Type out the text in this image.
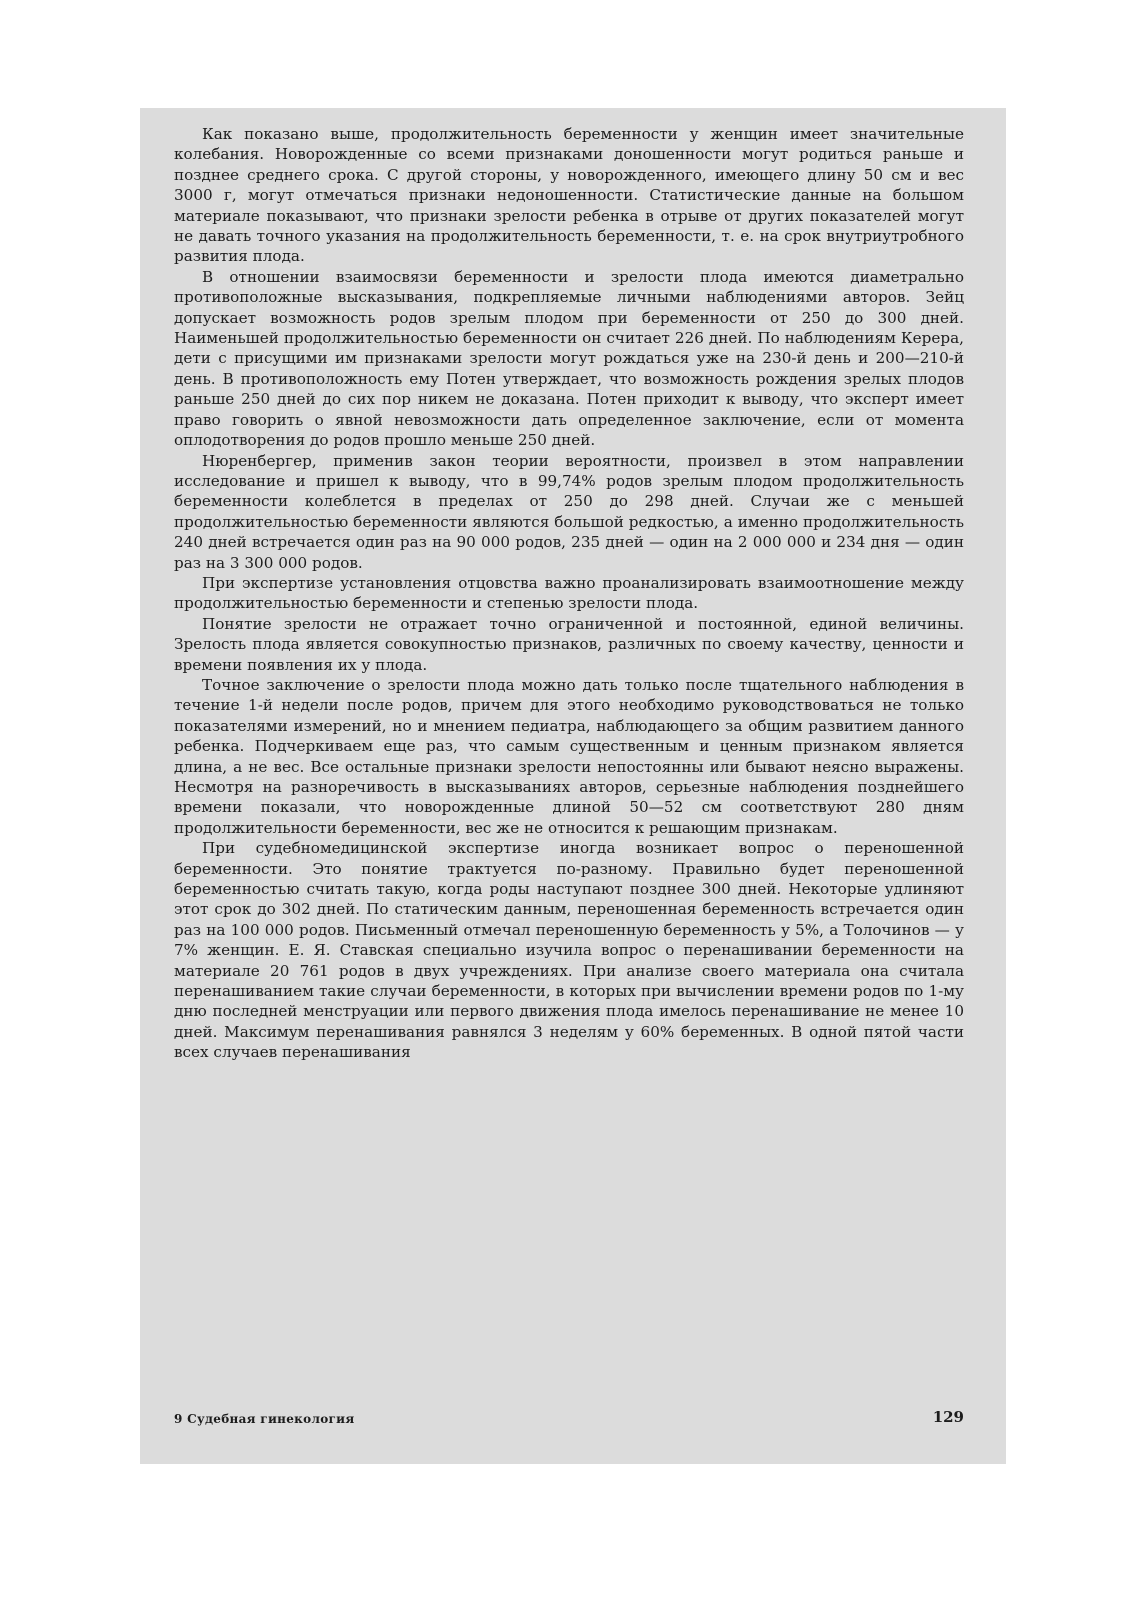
Как показано выше, продолжительность беременности у женщин имеет значительные колебания. Новорожденные со всеми признаками доношенности могут родиться раньше и позднее среднего срока. С другой стороны, у новорожденного, имеющего длину 50 см и вес 3000 г, могут отмечаться признаки недоношенности. Статистические данные на большом материале показывают, что признаки зрелости ребенка в отрыве от других показателей могут не давать точного указания на продолжительность беременности, т. е. на срок внутриутробного развития плода.

В отношении взаимосвязи беременности и зрелости плода имеются диаметрально противоположные высказывания, подкрепляемые личными наблюдениями авторов. Зейц допускает возможность родов зрелым плодом при беременности от 250 до 300 дней. Наименьшей продолжительностью беременности он считает 226 дней. По наблюдениям Керера, дети с присущими им признаками зрелости могут рождаться уже на 230-й день и 200—210-й день. В противоположность ему Потен утверждает, что возможность рождения зрелых плодов раньше 250 дней до сих пор никем не доказана. Потен приходит к выводу, что эксперт имеет право говорить о явной невозможности дать определенное заключение, если от момента оплодотворения до родов прошло меньше 250 дней.

Нюренбергер, применив закон теории вероятности, произвел в этом направлении исследование и пришел к выводу, что в 99,74% родов зрелым плодом продолжительность беременности колеблется в пределах от 250 до 298 дней. Случаи же с меньшей продолжительностью беременности являются большой редкостью, а именно продолжительность 240 дней встречается один раз на 90 000 родов, 235 дней — один на 2 000 000 и 234 дня — один раз на 3 300 000 родов.

При экспертизе установления отцовства важно проанализировать взаимоотношение между продолжительностью беременности и степенью зрелости плода.

Понятие зрелости не отражает точно ограниченной и постоянной, единой величины. Зрелость плода является совокупностью признаков, различных по своему качеству, ценности и времени появления их у плода.

Точное заключение о зрелости плода можно дать только после тщательного наблюдения в течение 1-й недели после родов, причем для этого необходимо руководствоваться не только показателями измерений, но и мнением педиатра, наблюдающего за общим развитием данного ребенка. Подчеркиваем еще раз, что самым существенным и ценным признаком является длина, а не вес. Все остальные признаки зрелости непостоянны или бывают неясно выражены. Несмотря на разноречивость в высказываниях авторов, серьезные наблюдения позднейшего времени показали, что новорожденные длиной 50—52 см соответствуют 280 дням продолжительности беременности, вес же не относится к решающим признакам.

При судебномедицинской экспертизе иногда возникает вопрос о переношенной беременности. Это понятие трактуется по-разному. Правильно будет переношенной беременностью считать такую, когда роды наступают позднее 300 дней. Некоторые удлиняют этот срок до 302 дней. По статическим данным, переношенная беременность встречается один раз на 100 000 родов. Письменный отмечал переношенную беременность у 5%, а Толочинов — у 7% женщин. Е. Я. Ставская специально изучила вопрос о перенашивании беременности на материале 20 761 родов в двух учреждениях. При анализе своего материала она считала перенашиванием такие случаи беременности, в которых при вычислении времени родов по 1-му дню последней менструации или первого движения плода имелось перенашивание не менее 10 дней. Максимум перенашивания равнялся 3 неделям у 60% беременных. В одной пятой части всех случаев перенашивания

9 Судебная гинекология	129
